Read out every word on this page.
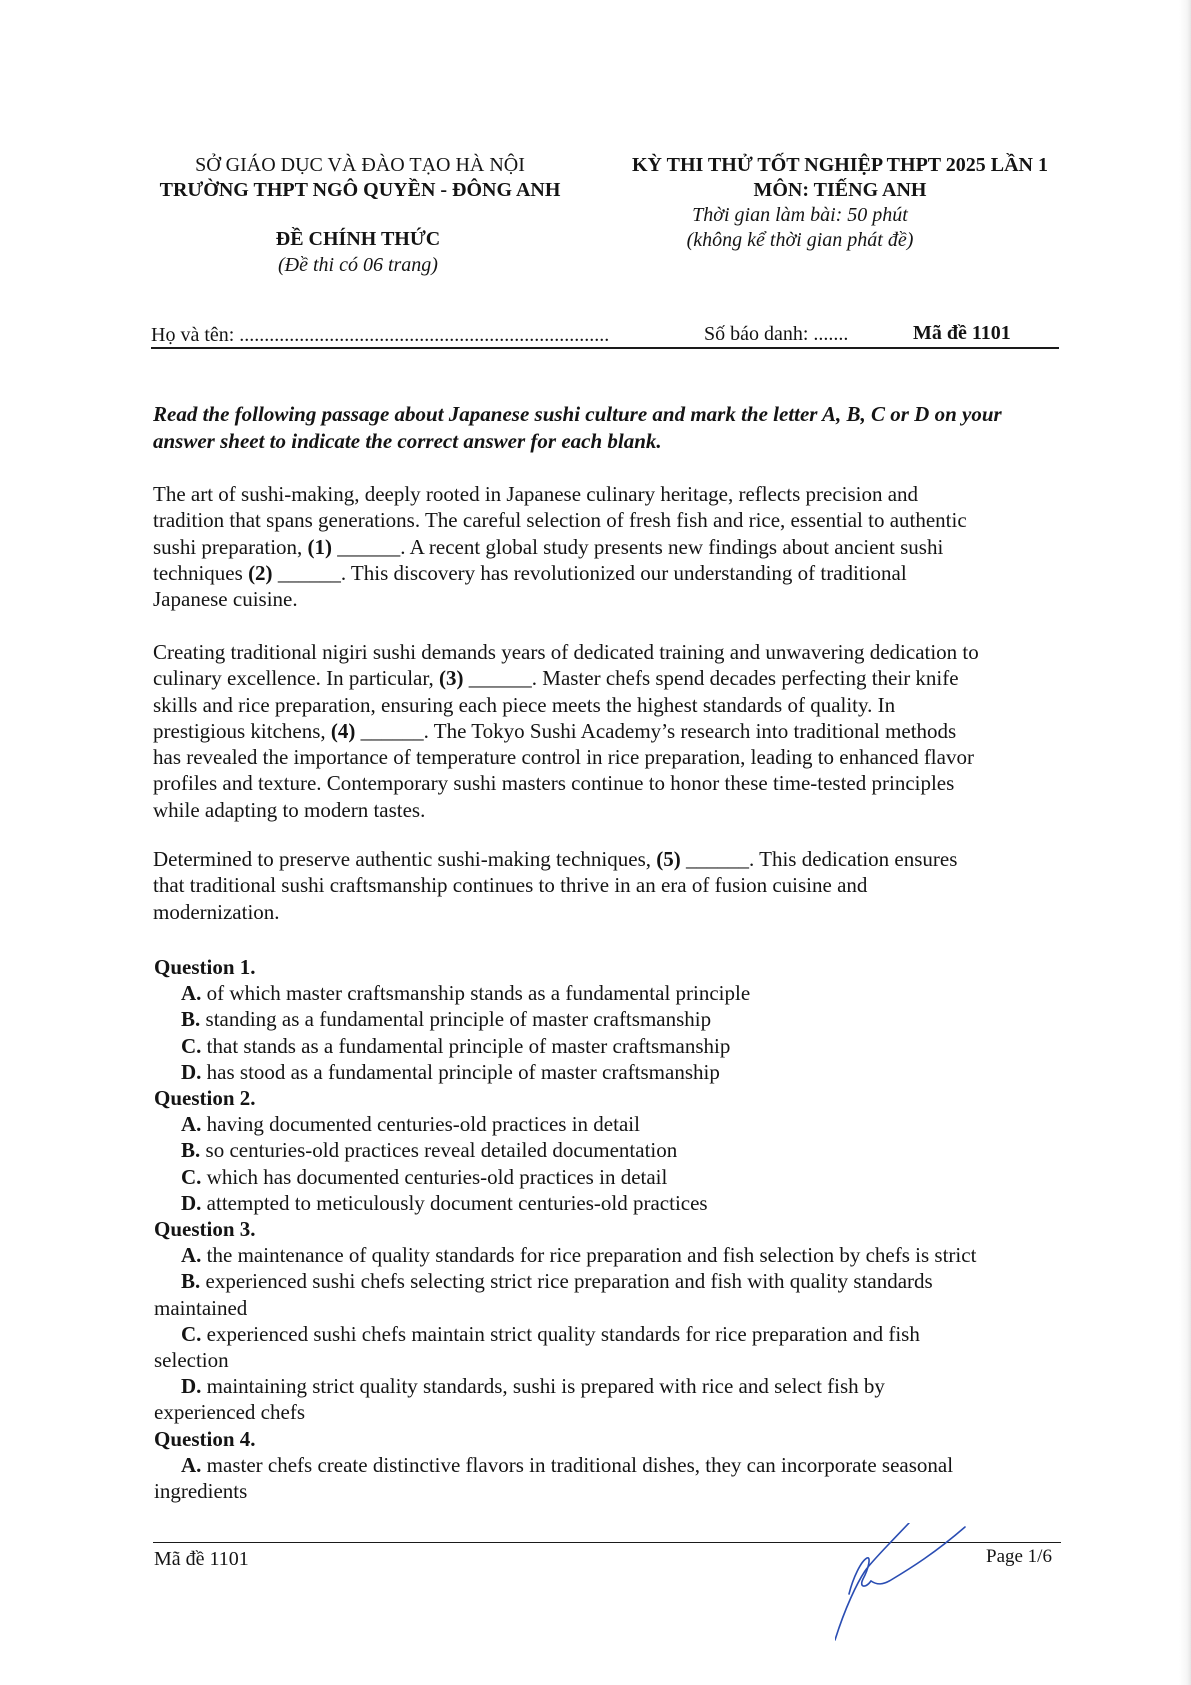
SỞ GIÁO DỤC VÀ ĐÀO TẠO HÀ NỘI
TRƯỜNG THPT NGÔ QUYỀN - ĐÔNG ANH
ĐỀ CHÍNH THỨC
(Đề thi có 06 trang)
KỲ THI THỬ TỐT NGHIỆP THPT 2025 LẦN 1
MÔN: TIẾNG ANH
Thời gian làm bài: 50 phút
(không kể thời gian phát đề)
Họ và tên: ..........................................................................	Số báo danh: .......	Mã đề 1101
Read the following passage about Japanese sushi culture and mark the letter A, B, C or D on your answer sheet to indicate the correct answer for each blank.
The art of sushi-making, deeply rooted in Japanese culinary heritage, reflects precision and
tradition that spans generations. The careful selection of fresh fish and rice, essential to authentic
sushi preparation, (1) ______. A recent global study presents new findings about ancient sushi
techniques (2) ______. This discovery has revolutionized our understanding of traditional
Japanese cuisine.
Creating traditional nigiri sushi demands years of dedicated training and unwavering dedication to
culinary excellence. In particular, (3) ______. Master chefs spend decades perfecting their knife
skills and rice preparation, ensuring each piece meets the highest standards of quality. In
prestigious kitchens, (4) ______. The Tokyo Sushi Academy’s research into traditional methods
has revealed the importance of temperature control in rice preparation, leading to enhanced flavor
profiles and texture. Contemporary sushi masters continue to honor these time-tested principles
while adapting to modern tastes.
Determined to preserve authentic sushi-making techniques, (5) ______. This dedication ensures
that traditional sushi craftsmanship continues to thrive in an era of fusion cuisine and
modernization.
Question 1.
A. of which master craftsmanship stands as a fundamental principle
B. standing as a fundamental principle of master craftsmanship
C. that stands as a fundamental principle of master craftsmanship
D. has stood as a fundamental principle of master craftsmanship
Question 2.
A. having documented centuries-old practices in detail
B. so centuries-old practices reveal detailed documentation
C. which has documented centuries-old practices in detail
D. attempted to meticulously document centuries-old practices
Question 3.
A. the maintenance of quality standards for rice preparation and fish selection by chefs is strict
B. experienced sushi chefs selecting strict rice preparation and fish with quality standards
maintained
C. experienced sushi chefs maintain strict quality standards for rice preparation and fish
selection
D. maintaining strict quality standards, sushi is prepared with rice and select fish by
experienced chefs
Question 4.
A. master chefs create distinctive flavors in traditional dishes, they can incorporate seasonal
ingredients
Mã đề 1101	Page 1/6
